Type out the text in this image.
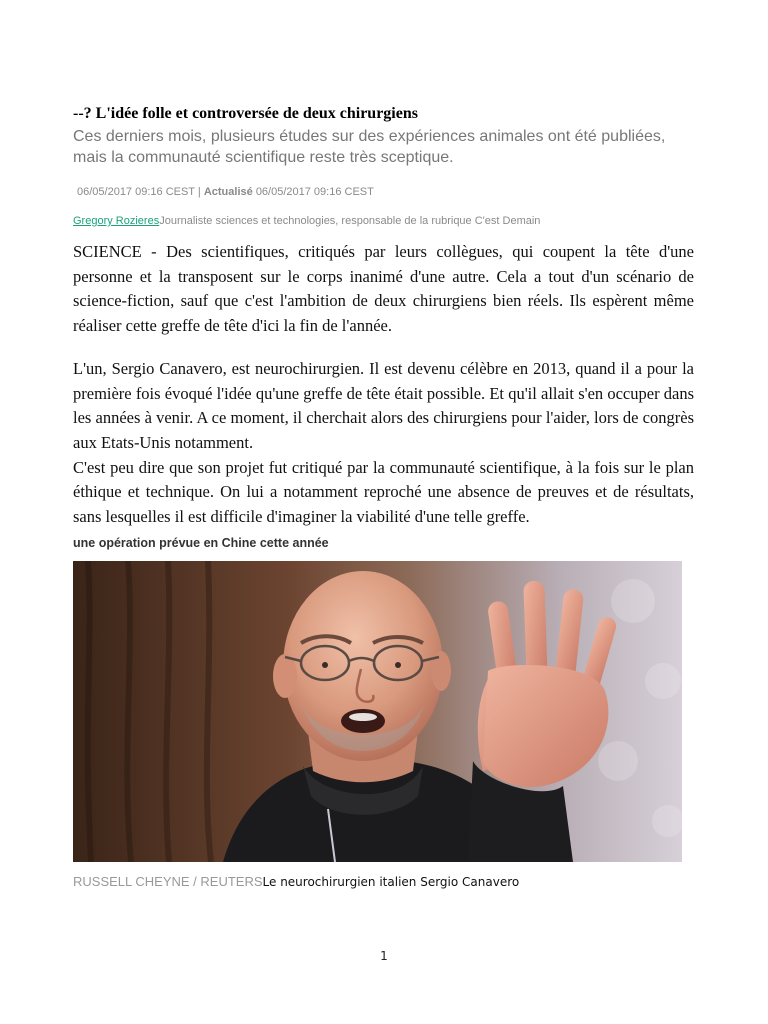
--? L'idée folle et controversée de deux chirurgiens

Ces derniers mois, plusieurs études sur des expériences animales ont été publiées, mais la communauté scientifique reste très sceptique.

06/05/2017 09:16 CEST | Actualisé 06/05/2017 09:16 CEST
Gregory RozieresJournaliste sciences et technologies, responsable de la rubrique C'est Demain

SCIENCE - Des scientifiques, critiqués par leurs collègues, qui coupent la tête d'une personne et la transposent sur le corps inanimé d'une autre. Cela a tout d'un scénario de science-fiction, sauf que c'est l'ambition de deux chirurgiens bien réels. Ils espèrent même réaliser cette greffe de tête d'ici la fin de l'année.

L'un, Sergio Canavero, est neurochirurgien. Il est devenu célèbre en 2013, quand il a pour la première fois évoqué l'idée qu'une greffe de tête était possible. Et qu'il allait s'en occuper dans les années à venir. A ce moment, il cherchait alors des chirurgiens pour l'aider, lors de congrès aux Etats-Unis notamment.

C'est peu dire que son projet fut critiqué par la communauté scientifique, à la fois sur le plan éthique et technique. On lui a notamment reproché une absence de preuves et de résultats, sans lesquelles il est difficile d'imaginer la viabilité d'une telle greffe.

une opération prévue en Chine cette année

RUSSELL CHEYNE / REUTERSLe neurochirurgien italien Sergio Canavero
1
